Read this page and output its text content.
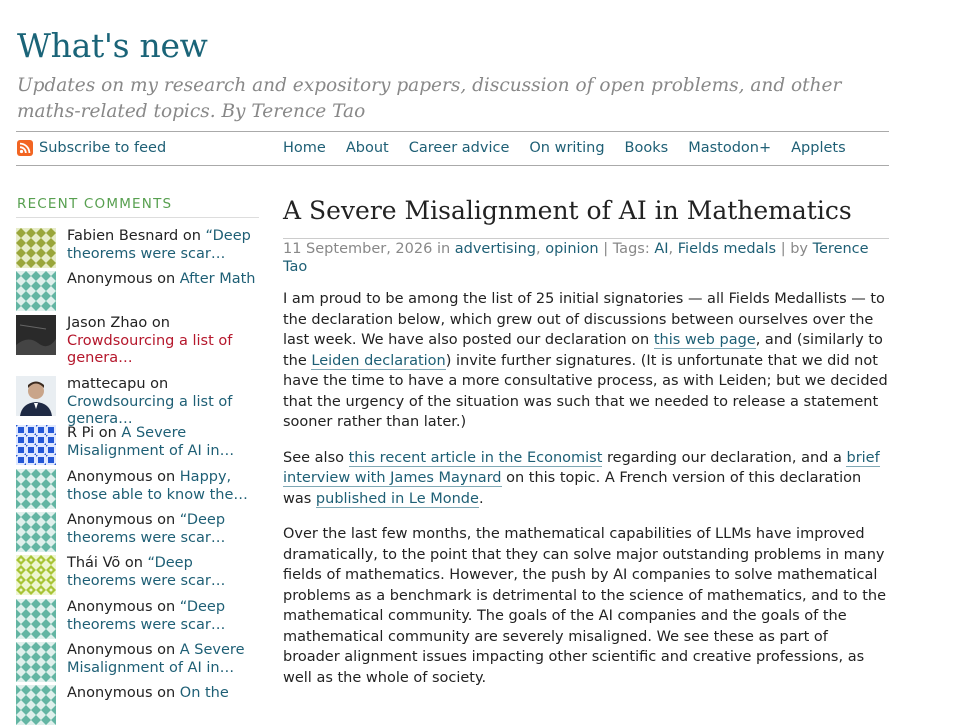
What's new
Updates on my research and expository papers, discussion of open problems, and other maths-related topics. By Terence Tao
Subscribe to feed	Home About Career advice On writing Books Mastodon+ Applets
RECENT COMMENTS
Fabien Besnard on “Deep theorems were scar…
Anonymous on After Math
Jason Zhao on Crowdsourcing a list of genera…
mattecapu on Crowdsourcing a list of genera…
R Pi on A Severe Misalignment of AI in…
Anonymous on Happy, those able to know the…
Anonymous on “Deep theorems were scar…
Thái Võ on “Deep theorems were scar…
Anonymous on “Deep theorems were scar…
Anonymous on A Severe Misalignment of AI in…
Anonymous on On the
A Severe Misalignment of AI in Mathematics
11 September, 2026 in advertising, opinion | Tags: AI, Fields medals | by Terence Tao

I am proud to be among the list of 25 initial signatories — all Fields Medallists — to the declaration below, which grew out of discussions between ourselves over the last week. We have also posted our declaration on this web page, and (similarly to the Leiden declaration) invite further signatures. (It is unfortunate that we did not have the time to have a more consultative process, as with Leiden; but we decided that the urgency of the situation was such that we needed to release a statement sooner rather than later.)

See also this recent article in the Economist regarding our declaration, and a brief interview with James Maynard on this topic. A French version of this declaration was published in Le Monde.

Over the last few months, the mathematical capabilities of LLMs have improved dramatically, to the point that they can solve major outstanding problems in many fields of mathematics. However, the push by AI companies to solve mathematical problems as a benchmark is detrimental to the science of mathematics, and to the mathematical community. The goals of the AI companies and the goals of the mathematical community are severely misaligned. We see these as part of broader alignment issues impacting other scientific and creative professions, as well as the whole of society.
